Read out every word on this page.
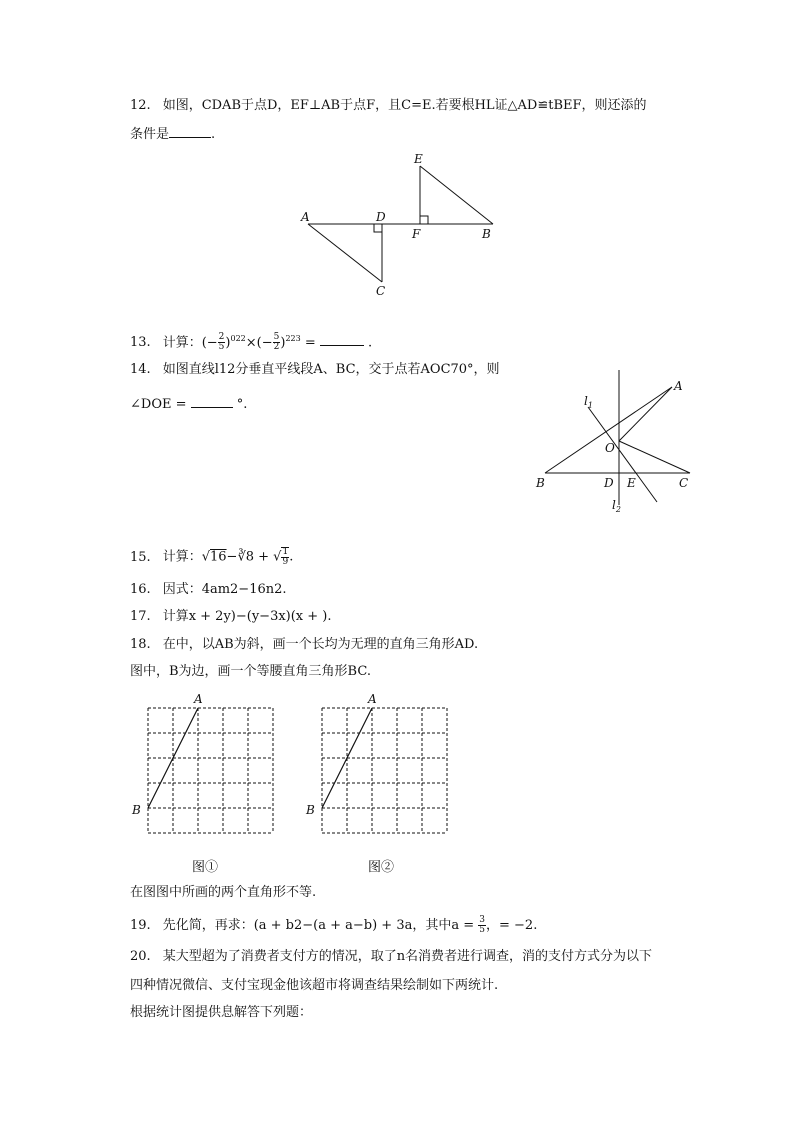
12. 如图，CDAB于点D，EF⊥AB于点F，且C=E.若要根HL证△AD≌tBEF，则还添的
条件是	.
A	D
E
F	B
C
13. 计算：(− $\frac{2}{5} )^{022}\times(- \frac{5}{2} )^{223}$ =	.
14. 如图直线l12分垂直平线段A、BC，交于点若AOC70°，则
∠DOE =	°.
A
$l_1$
O
B	D E	C
$l_2$
15. 计算：√16−∛8 + √ $\frac{1}{9}$ .
16. 因式：4am2−16n2.
17. 计算x + 2y)−(y−3x)(x + ).
18. 在中，以AB为斜，画一个长均为无理的直角三角形AD.
图中，B为边，画一个等腰直角三角形BC.
A
B
图①
A
B
图②
在图图中所画的两个直角形不等.
19. 先化简，再求：(a + b2−(a + a−b) + 3a，其中$a = \frac{3}{5}$ ，= −2.
20. 某大型超为了消费者支付方的情况，取了n名消费者进行调查，消的支付方式分为以下
四种情况微信、支付宝现金他该超市将调查结果绘制如下两统计.
根据统计图提供息解答下列题：
